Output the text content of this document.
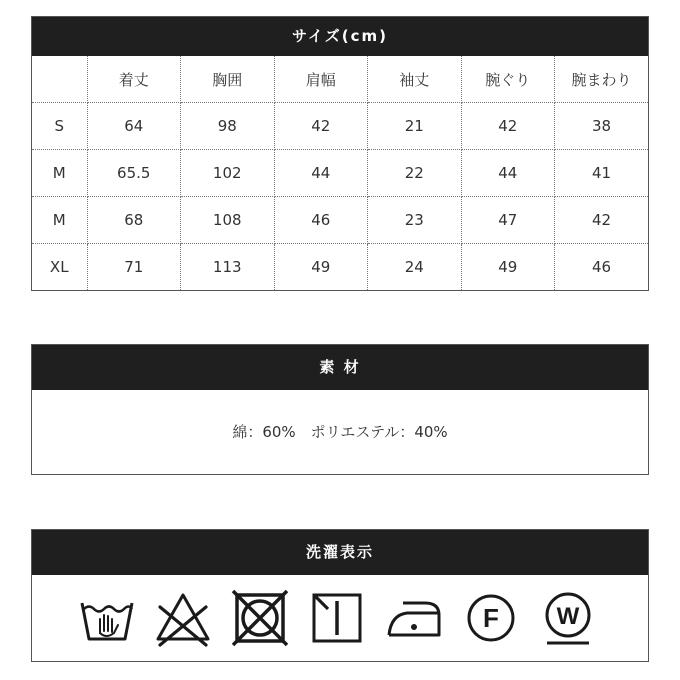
サイズ(cm)
	着丈	胸囲	肩幅	袖丈	腕ぐり	腕まわり
S	64	98	42	21	42	38
M	65.5	102	44	22	44	41
M	68	108	46	23	47	42
XL	71	113	49	24	49	46
素 材
綿：60%　ポリエステル：40%
洗濯表示
F W
